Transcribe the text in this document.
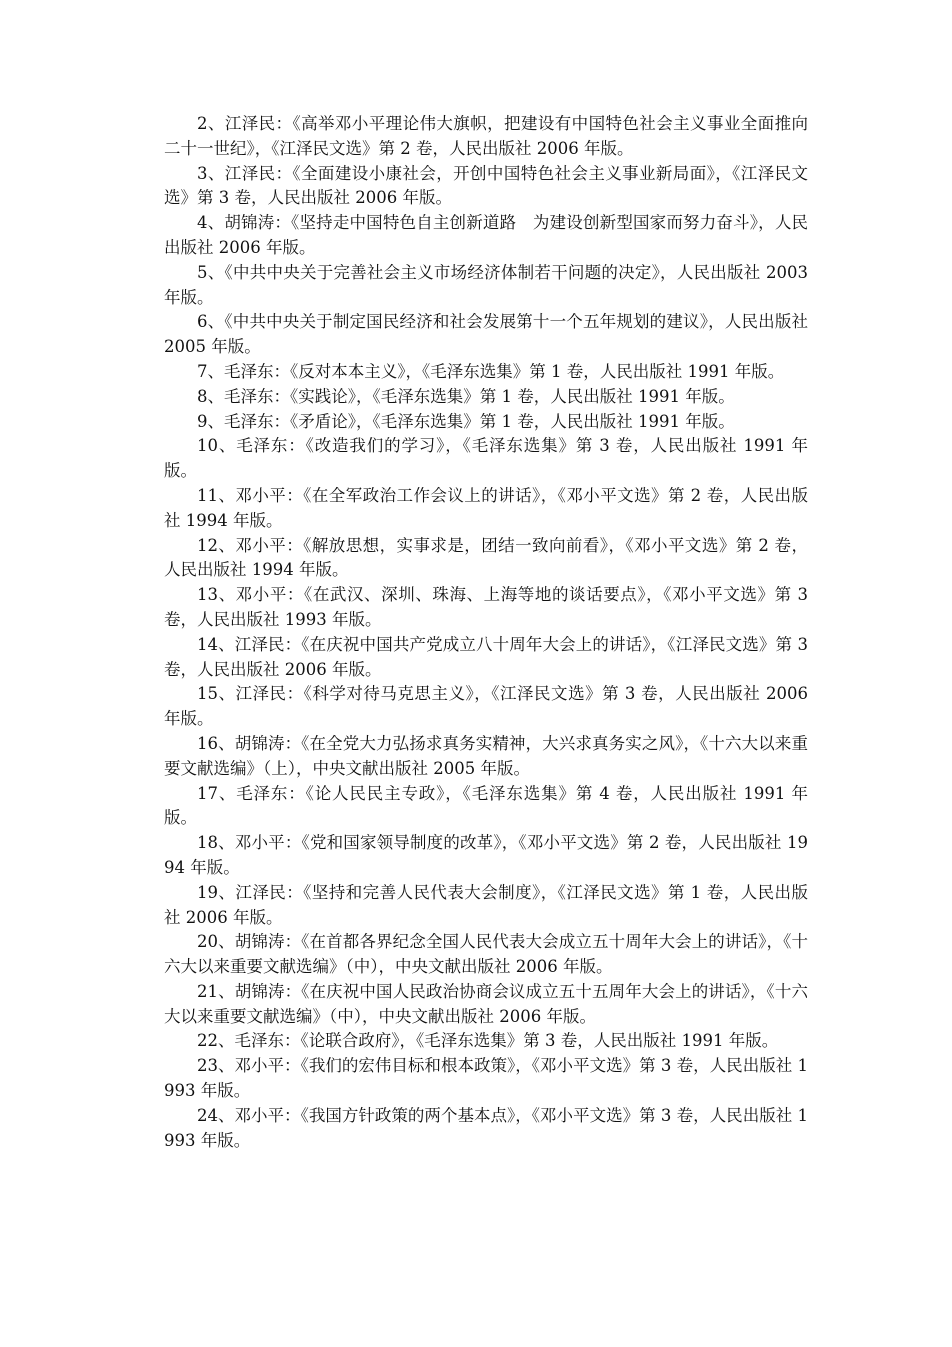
2、江泽民：《高举邓小平理论伟大旗帜，把建设有中国特色社会主义事业全面推向二十一世纪》，《江泽民文选》第 2 卷，人民出版社 2006 年版。

3、江泽民：《全面建设小康社会，开创中国特色社会主义事业新局面》，《江泽民文选》第 3 卷，人民出版社 2006 年版。

4、胡锦涛：《坚持走中国特色自主创新道路　为建设创新型国家而努力奋斗》，人民出版社 2006 年版。

5、《中共中央关于完善社会主义市场经济体制若干问题的决定》，人民出版社 2003 年版。

6、《中共中央关于制定国民经济和社会发展第十一个五年规划的建议》，人民出版社 2005 年版。

7、毛泽东：《反对本本主义》，《毛泽东选集》第 1 卷，人民出版社 1991 年版。

8、毛泽东：《实践论》，《毛泽东选集》第 1 卷，人民出版社 1991 年版。

9、毛泽东：《矛盾论》，《毛泽东选集》第 1 卷，人民出版社 1991 年版。

10、毛泽东：《改造我们的学习》，《毛泽东选集》第 3 卷，人民出版社 1991 年版。

11、邓小平：《在全军政治工作会议上的讲话》，《邓小平文选》第 2 卷，人民出版社 1994 年版。

12、邓小平：《解放思想，实事求是，团结一致向前看》，《邓小平文选》第 2 卷，人民出版社 1994 年版。

13、邓小平：《在武汉、深圳、珠海、上海等地的谈话要点》，《邓小平文选》第 3 卷，人民出版社 1993 年版。

14、江泽民：《在庆祝中国共产党成立八十周年大会上的讲话》，《江泽民文选》第 3 卷，人民出版社 2006 年版。

15、江泽民：《科学对待马克思主义》，《江泽民文选》第 3 卷，人民出版社 2006 年版。

16、胡锦涛：《在全党大力弘扬求真务实精神，大兴求真务实之风》，《十六大以来重要文献选编》（上），中央文献出版社 2005 年版。

17、毛泽东：《论人民民主专政》，《毛泽东选集》第 4 卷，人民出版社 1991 年版。

18、邓小平：《党和国家领导制度的改革》，《邓小平文选》第 2 卷，人民出版社 1994 年版。

19、江泽民：《坚持和完善人民代表大会制度》，《江泽民文选》第 1 卷，人民出版社 2006 年版。

20、胡锦涛：《在首都各界纪念全国人民代表大会成立五十周年大会上的讲话》，《十六大以来重要文献选编》（中），中央文献出版社 2006 年版。

21、胡锦涛：《在庆祝中国人民政治协商会议成立五十五周年大会上的讲话》，《十六大以来重要文献选编》（中），中央文献出版社 2006 年版。

22、毛泽东：《论联合政府》，《毛泽东选集》第 3 卷，人民出版社 1991 年版。

23、邓小平：《我们的宏伟目标和根本政策》，《邓小平文选》第 3 卷，人民出版社 1993 年版。

24、邓小平：《我国方针政策的两个基本点》，《邓小平文选》第 3 卷，人民出版社 1993 年版。
